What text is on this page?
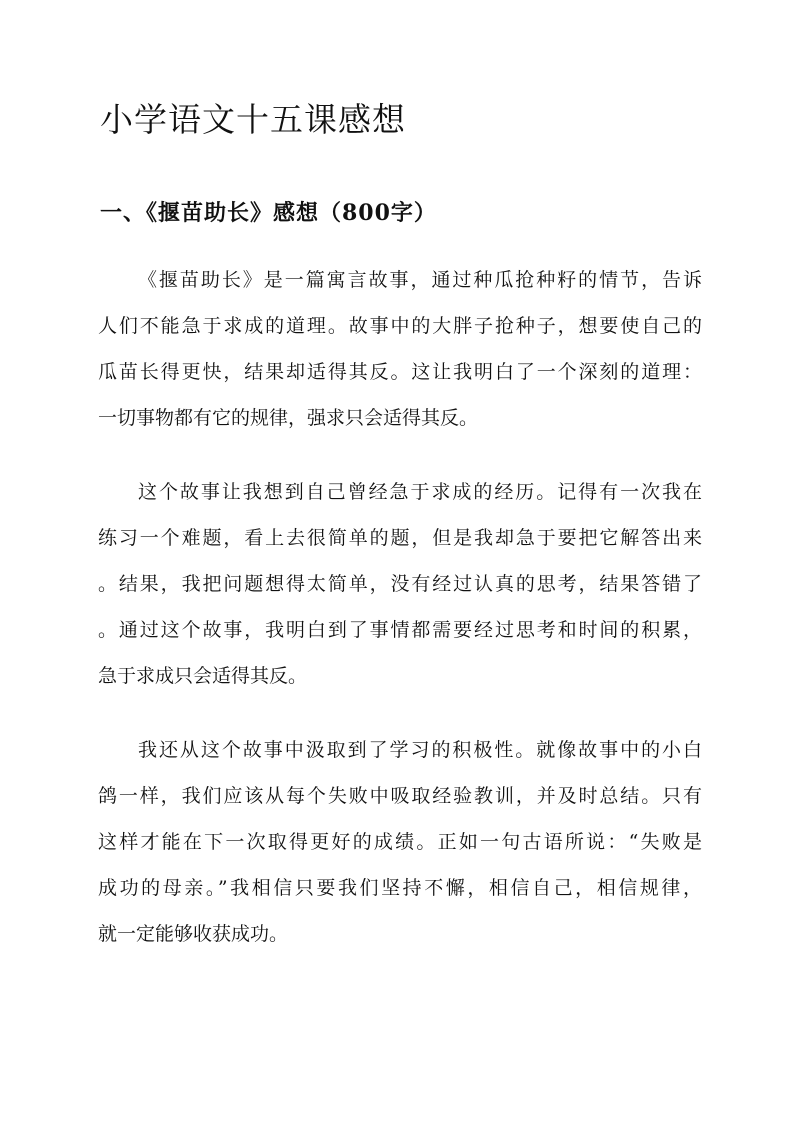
小学语文十五课感想
一、《揠苗助长》感想（800字）
《揠苗助长》是一篇寓言故事，通过种瓜抢种籽的情节，告诉
人们不能急于求成的道理。故事中的大胖子抢种子，想要使自己的
瓜苗长得更快，结果却适得其反。这让我明白了一个深刻的道理：
一切事物都有它的规律，强求只会适得其反。
这个故事让我想到自己曾经急于求成的经历。记得有一次我在
练习一个难题，看上去很简单的题，但是我却急于要把它解答出来
。结果，我把问题想得太简单，没有经过认真的思考，结果答错了
。通过这个故事，我明白到了事情都需要经过思考和时间的积累，
急于求成只会适得其反。
我还从这个故事中汲取到了学习的积极性。就像故事中的小白
鸽一样，我们应该从每个失败中吸取经验教训，并及时总结。只有
这样才能在下一次取得更好的成绩。正如一句古语所说：“失败是
成功的母亲。”我相信只要我们坚持不懈，相信自己，相信规律，
就一定能够收获成功。
